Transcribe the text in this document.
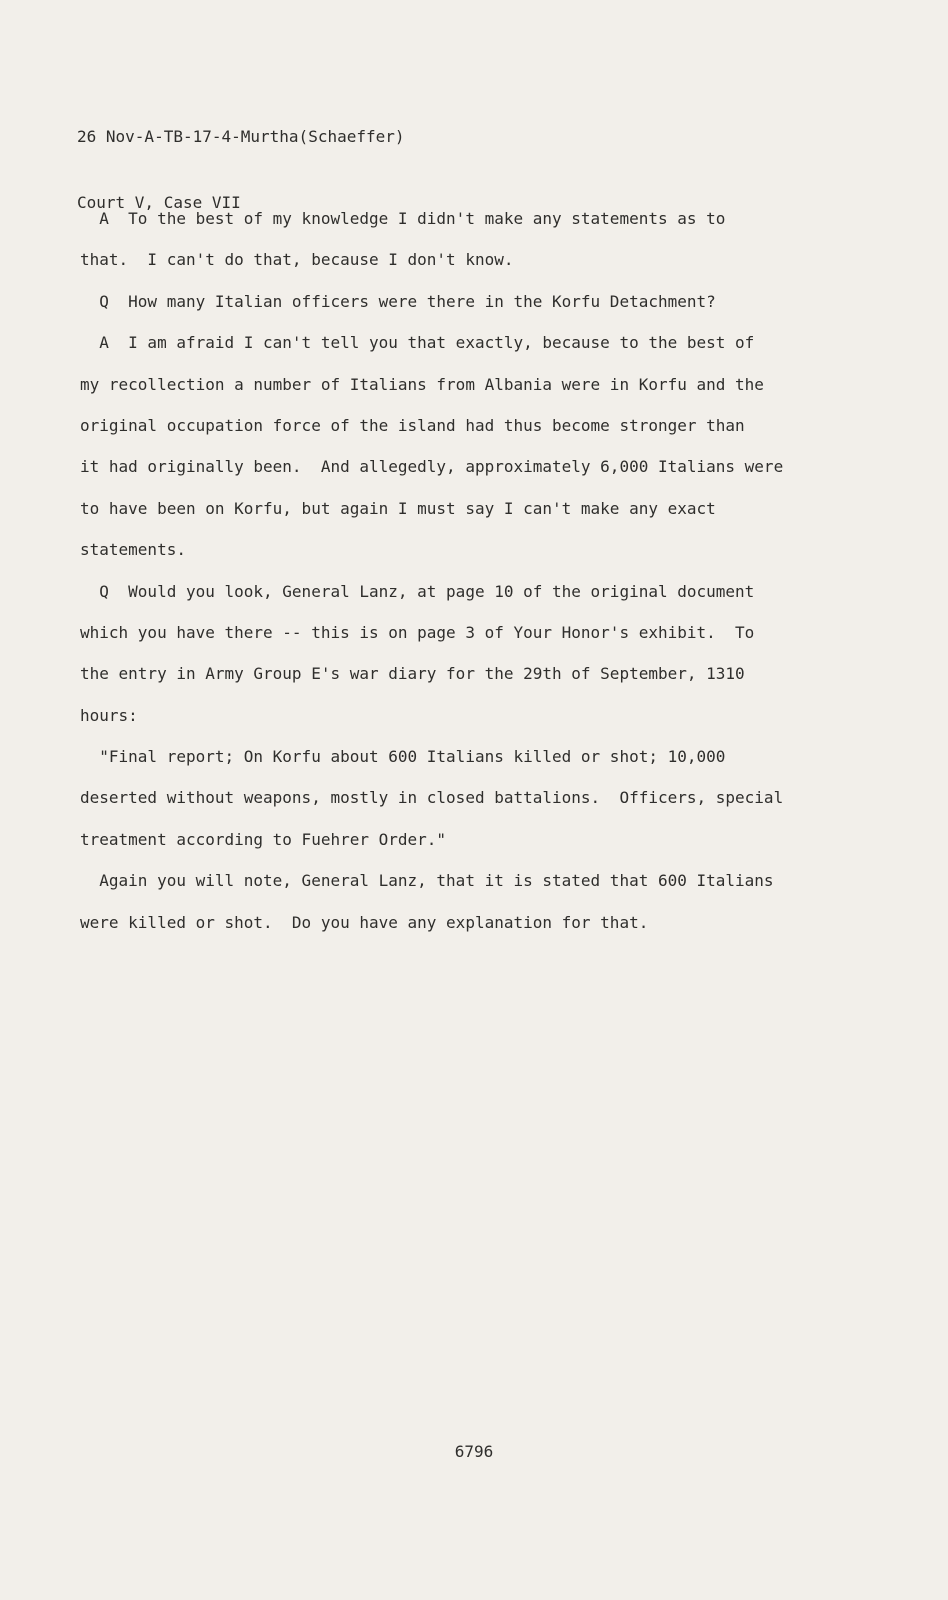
26 Nov-A-TB-17-4-Murtha(Schaeffer)

Court V, Case VII

A  To the best of my knowledge I didn't make any statements as to
that.  I can't do that, because I don't know.
Q  How many Italian officers were there in the Korfu Detachment?
A  I am afraid I can't tell you that exactly, because to the best of
my recollection a number of Italians from Albania were in Korfu and the
original occupation force of the island had thus become stronger than
it had originally been.  And allegedly, approximately 6,000 Italians were
to have been on Korfu, but again I must say I can't make any exact
statements.
Q  Would you look, General Lanz, at page 10 of the original document
which you have there -- this is on page 3 of Your Honor's exhibit.  To
the entry in Army Group E's war diary for the 29th of September, 1310
hours:
"Final report; On Korfu about 600 Italians killed or shot; 10,000
deserted without weapons, mostly in closed battalions.  Officers, special
treatment according to Fuehrer Order."
Again you will note, General Lanz, that it is stated that 600 Italians
were killed or shot.  Do you have any explanation for that.
6796
